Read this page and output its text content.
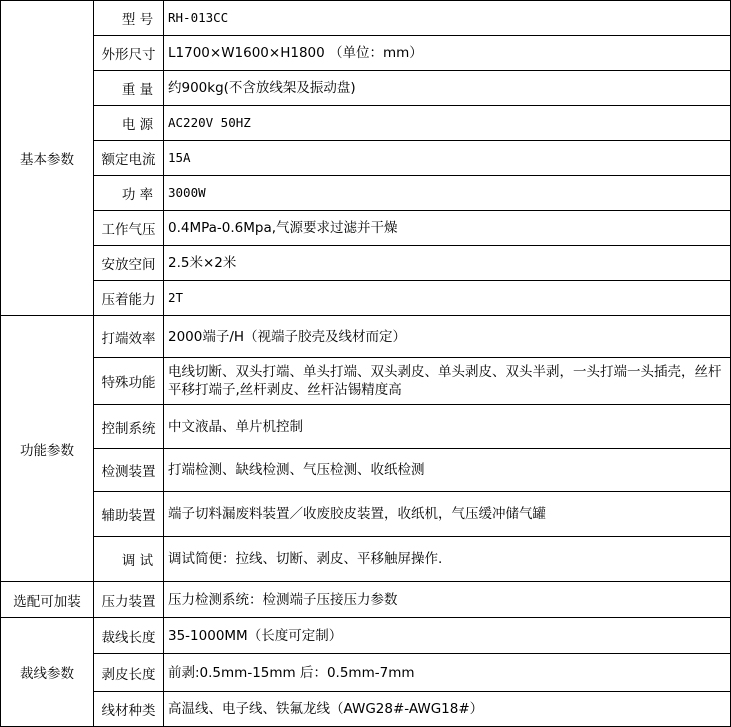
基本参数	型 号	RH-013CC
	外形尺寸	L1700×W1600×H1800 （单位：mm）
	重 量	约900kg(不含放线架及振动盘)
	电 源	AC220V 50HZ
	额定电流	15A
	功 率	3000W
	工作气压	0.4MPa-0.6Mpa,气源要求过滤并干燥
	安放空间	2.5米×2米
	压着能力	2T
功能参数	打端效率	2000端子/H（视端子胶壳及线材而定）
	特殊功能	电线切断、双头打端、单头打端、双头剥皮、单头剥皮、双头半剥，一头打端一头插壳，丝杆平移打端子,丝杆剥皮、丝杆沾锡精度高
	控制系统	中文液晶、单片机控制
	检测装置	打端检测、缺线检测、气压检测、收纸检测
	辅助装置	端子切料漏废料装置／收废胶皮装置，收纸机，气压缓冲储气罐
	调 试	调试简便：拉线、切断、剥皮、平移触屏操作.
选配可加装	压力装置	压力检测系统：检测端子压接压力参数
裁线参数	裁线长度	35-1000MM（长度可定制）
	剥皮长度	前剥:0.5mm-15mm 后：0.5mm-7mm
	线材种类	高温线、电子线、铁氟龙线（AWG28#-AWG18#）
